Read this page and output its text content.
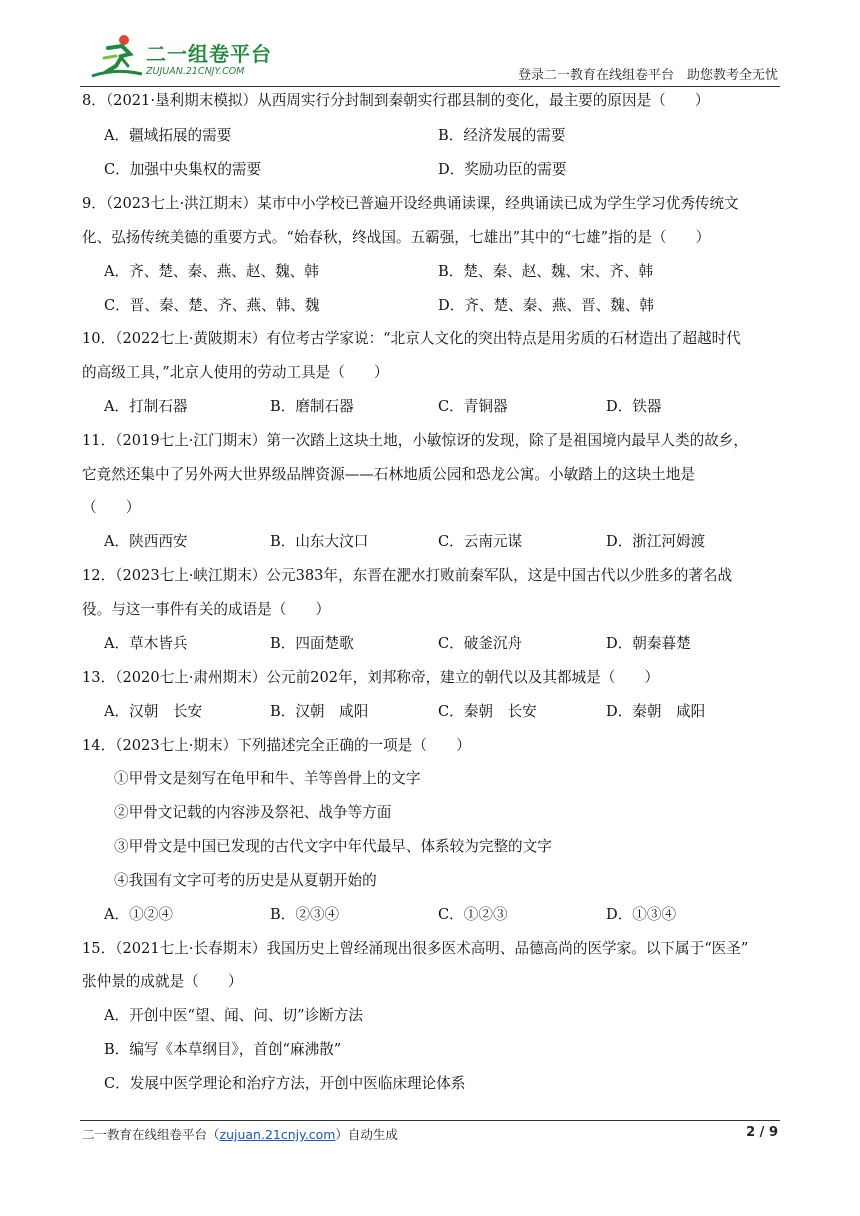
二一组卷平台
ZUJUAN.21CNJY.COM	登录二一教育在线组卷平台　助您教考全无忧
8．（2021·垦利期末模拟）从西周实行分封制到秦朝实行郡县制的变化，最主要的原因是（　　）
A．疆域拓展的需要	B．经济发展的需要
C．加强中央集权的需要	D．奖励功臣的需要
9．（2023七上·洪江期末）某市中小学校已普遍开设经典诵读课，经典诵读已成为学生学习优秀传统文
化、弘扬传统美德的重要方式。“始春秋，终战国。五霸强，七雄出”其中的“七雄”指的是（　　）
A．齐、楚、秦、燕、赵、魏、韩	B．楚、秦、赵、魏、宋、齐、韩
C．晋、秦、楚、齐、燕、韩、魏	D．齐、楚、秦、燕、晋、魏、韩
10．（2022七上·黄陂期末）有位考古学家说：“北京人文化的突出特点是用劣质的石材造出了超越时代
的高级工具，”北京人使用的劳动工具是（　　）
A．打制石器	B．磨制石器	C．青铜器	D．铁器
11．（2019七上·江门期末）第一次踏上这块土地，小敏惊讶的发现，除了是祖国境内最早人类的故乡，
它竟然还集中了另外两大世界级品牌资源——石林地质公园和恐龙公寓。小敏踏上的这块土地是
（　　）
A．陕西西安	B．山东大汶口	C．云南元谋	D．浙江河姆渡
12．（2023七上·峡江期末）公元383年，东晋在淝水打败前秦军队，这是中国古代以少胜多的著名战
役。与这一事件有关的成语是（　　）
A．草木皆兵	B．四面楚歌	C．破釜沉舟	D．朝秦暮楚
13．（2020七上·肃州期末）公元前202年，刘邦称帝，建立的朝代以及其都城是（　　）
A．汉朝　长安	B．汉朝　咸阳	C．秦朝　长安	D．秦朝　咸阳
14．（2023七上·期末）下列描述完全正确的一项是（　　）
①甲骨文是刻写在龟甲和牛、羊等兽骨上的文字
②甲骨文记载的内容涉及祭祀、战争等方面
③甲骨文是中国已发现的古代文字中年代最早、体系较为完整的文字
④我国有文字可考的历史是从夏朝开始的
A．①②④	B．②③④	C．①②③	D．①③④
15．（2021七上·长春期末）我国历史上曾经涌现出很多医术高明、品德高尚的医学家。以下属于“医圣”
张仲景的成就是（　　）
A．开创中医“望、闻、问、切”诊断方法
B．编写《本草纲目》，首创“麻沸散”
C．发展中医学理论和治疗方法，开创中医临床理论体系
二一教育在线组卷平台（zujuan.21cnjy.com）自动生成	2 / 9
